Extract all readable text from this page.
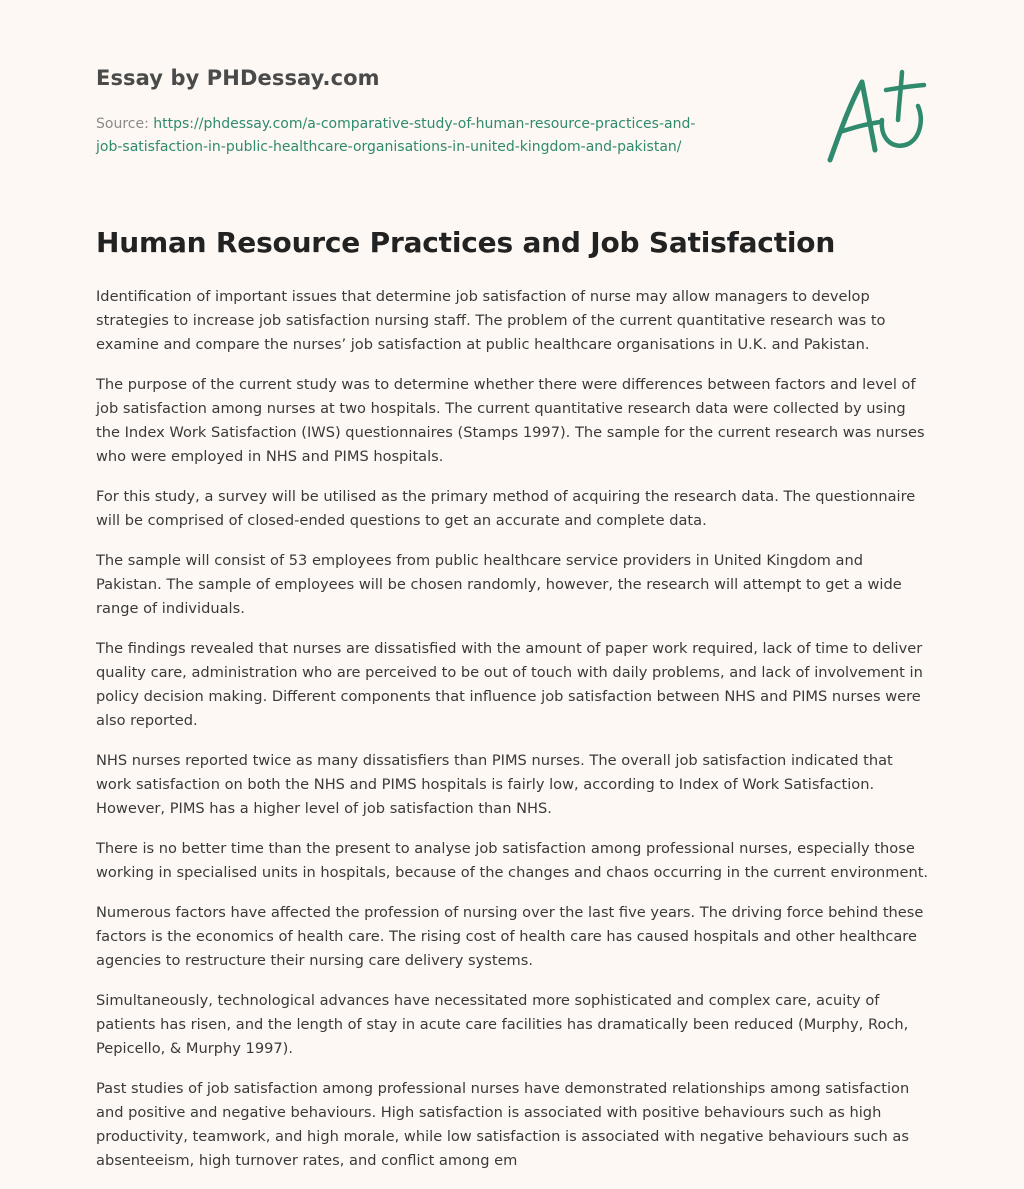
Essay by PHDessay.com
Source: https://phdessay.com/a-comparative-study-of-human-resource-practices-and-
job-satisfaction-in-public-healthcare-organisations-in-united-kingdom-and-pakistan/
Human Resource Practices and Job Satisfaction

Identification of important issues that determine job satisfaction of nurse may allow managers to develop strategies to increase job satisfaction nursing staff. The problem of the current quantitative research was to examine and compare the nurses’ job satisfaction at public healthcare organisations in U.K. and Pakistan.

The purpose of the current study was to determine whether there were differences between factors and level of job satisfaction among nurses at two hospitals. The current quantitative research data were collected by using the Index Work Satisfaction (IWS) questionnaires (Stamps 1997). The sample for the current research was nurses who were employed in NHS and PIMS hospitals.

For this study, a survey will be utilised as the primary method of acquiring the research data. The questionnaire will be comprised of closed-ended questions to get an accurate and complete data.

The sample will consist of 53 employees from public healthcare service providers in United Kingdom and Pakistan. The sample of employees will be chosen randomly, however, the research will attempt to get a wide range of individuals.

The findings revealed that nurses are dissatisfied with the amount of paper work required, lack of time to deliver quality care, administration who are perceived to be out of touch with daily problems, and lack of involvement in policy decision making. Different components that influence job satisfaction between NHS and PIMS nurses were also reported.

NHS nurses reported twice as many dissatisfiers than PIMS nurses. The overall job satisfaction indicated that work satisfaction on both the NHS and PIMS hospitals is fairly low, according to Index of Work Satisfaction. However, PIMS has a higher level of job satisfaction than NHS.

There is no better time than the present to analyse job satisfaction among professional nurses, especially those working in specialised units in hospitals, because of the changes and chaos occurring in the current environment.

Numerous factors have affected the profession of nursing over the last five years. The driving force behind these factors is the economics of health care. The rising cost of health care has caused hospitals and other healthcare agencies to restructure their nursing care delivery systems.

Simultaneously, technological advances have necessitated more sophisticated and complex care, acuity of patients has risen, and the length of stay in acute care facilities has dramatically been reduced (Murphy, Roch, Pepicello, & Murphy 1997).

Past studies of job satisfaction among professional nurses have demonstrated relationships among satisfaction and positive and negative behaviours. High satisfaction is associated with positive behaviours such as high productivity, teamwork, and high morale, while low satisfaction is associated with negative behaviours such as absenteeism, high turnover rates, and conflict among em
